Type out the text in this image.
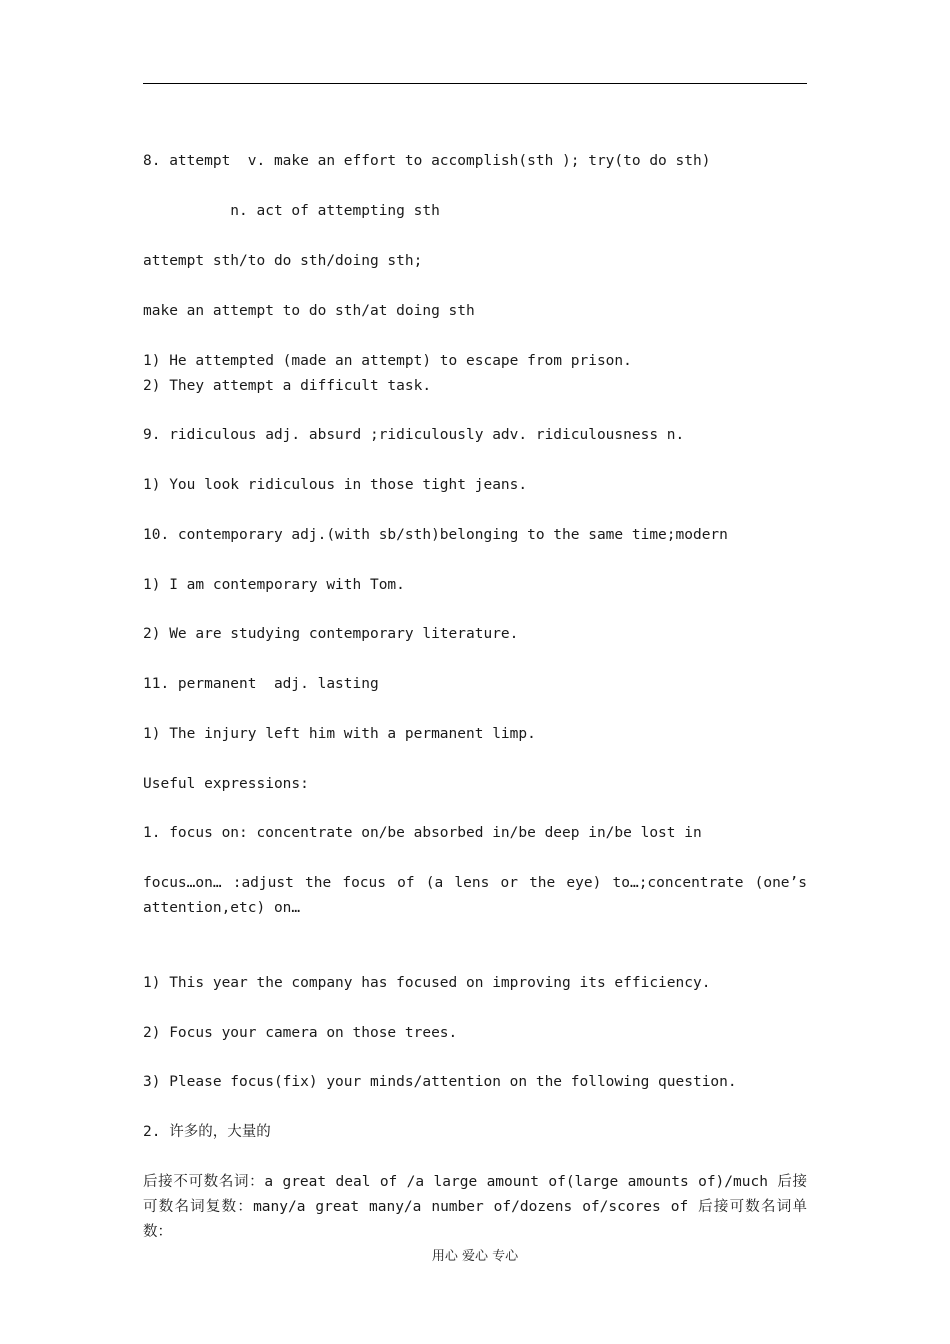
8. attempt  v. make an effort to accomplish(sth ); try(to do sth)
n. act of attempting sth
attempt sth/to do sth/doing sth;
make an attempt to do sth/at doing sth
1) He attempted (made an attempt) to escape from prison.
2) They attempt a difficult task.
9. ridiculous adj. absurd ;ridiculously adv. ridiculousness n.
1) You look ridiculous in those tight jeans.
10. contemporary adj.(with sb/sth)belonging to the same time;modern
1) I am contemporary with Tom.
2) We are studying contemporary literature.
11. permanent  adj. lasting
1) The injury left him with a permanent limp.
Useful expressions:
1. focus on: concentrate on/be absorbed in/be deep in/be lost in
focus…on… :adjust the focus of (a lens or the eye) to…;concentrate (one’s attention,etc) on…
1) This year the company has focused on improving its efficiency.
2) Focus your camera on those trees.
3) Please focus(fix) your minds/attention on the following question.
2. 许多的，大量的
后接不可数名词：a great deal of /a large amount of(large amounts of)/much 后接可数名词复数：many/a great many/a number of/dozens of/scores of 后接可数名词单数：
用心 爱心 专心
